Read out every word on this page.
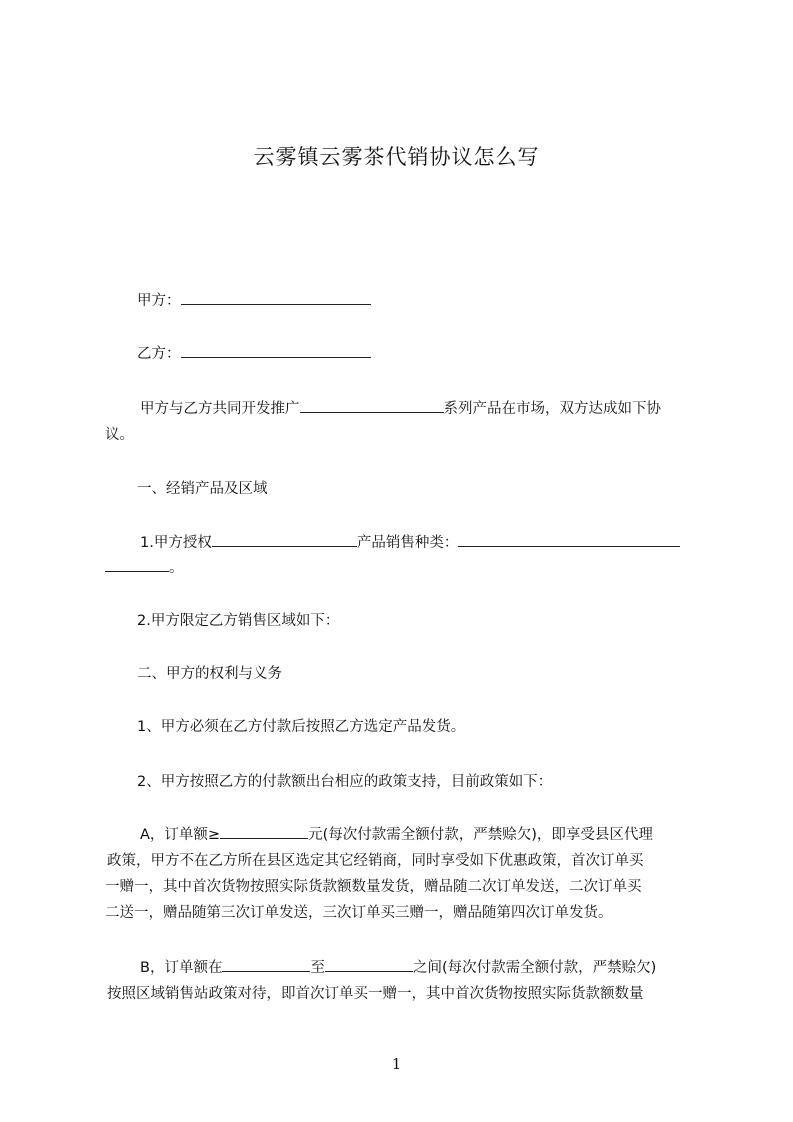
云雾镇云雾茶代销协议怎么写
甲方：
乙方：
甲方与乙方共同开发推广	系列产品在市场，双方达成如下协
议。
一、经销产品及区域
1.甲方授权	产品销售种类：
。
2.甲方限定乙方销售区域如下：
二、甲方的权利与义务
1、甲方必须在乙方付款后按照乙方选定产品发货。
2、甲方按照乙方的付款额出台相应的政策支持，目前政策如下：
A，订单额≥	元(每次付款需全额付款，严禁赊欠)，即享受县区代理
政策，甲方不在乙方所在县区选定其它经销商，同时享受如下优惠政策，首次订单买
一赠一，其中首次货物按照实际货款额数量发货，赠品随二次订单发送，二次订单买
二送一，赠品随第三次订单发送，三次订单买三赠一，赠品随第四次订单发货。
B，订单额在	至	之间(每次付款需全额付款，严禁赊欠)
按照区域销售站政策对待，即首次订单买一赠一，其中首次货物按照实际货款额数量
1
